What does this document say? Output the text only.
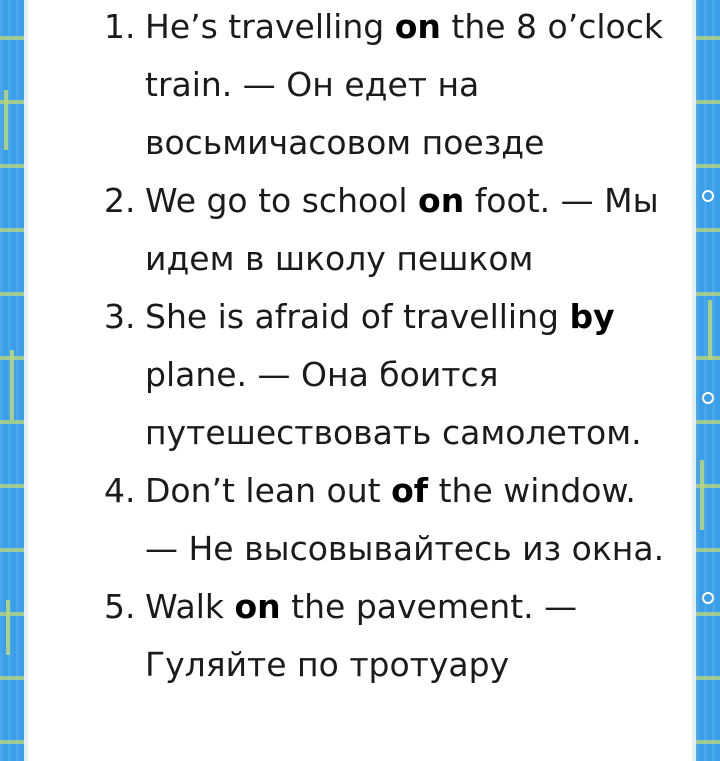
1. He’s travelling on the 8 o’clock train. — Он едет на восьмичасовом поезде
2. We go to school on foot. — Мы идем в школу пешком
3. She is afraid of travelling by plane. — Она боится путешествовать самолетом.
4. Don’t lean out of the window. — Не высовывайтесь из окна.
5. Walk on the pavement. — Гуляйте по тротуару
